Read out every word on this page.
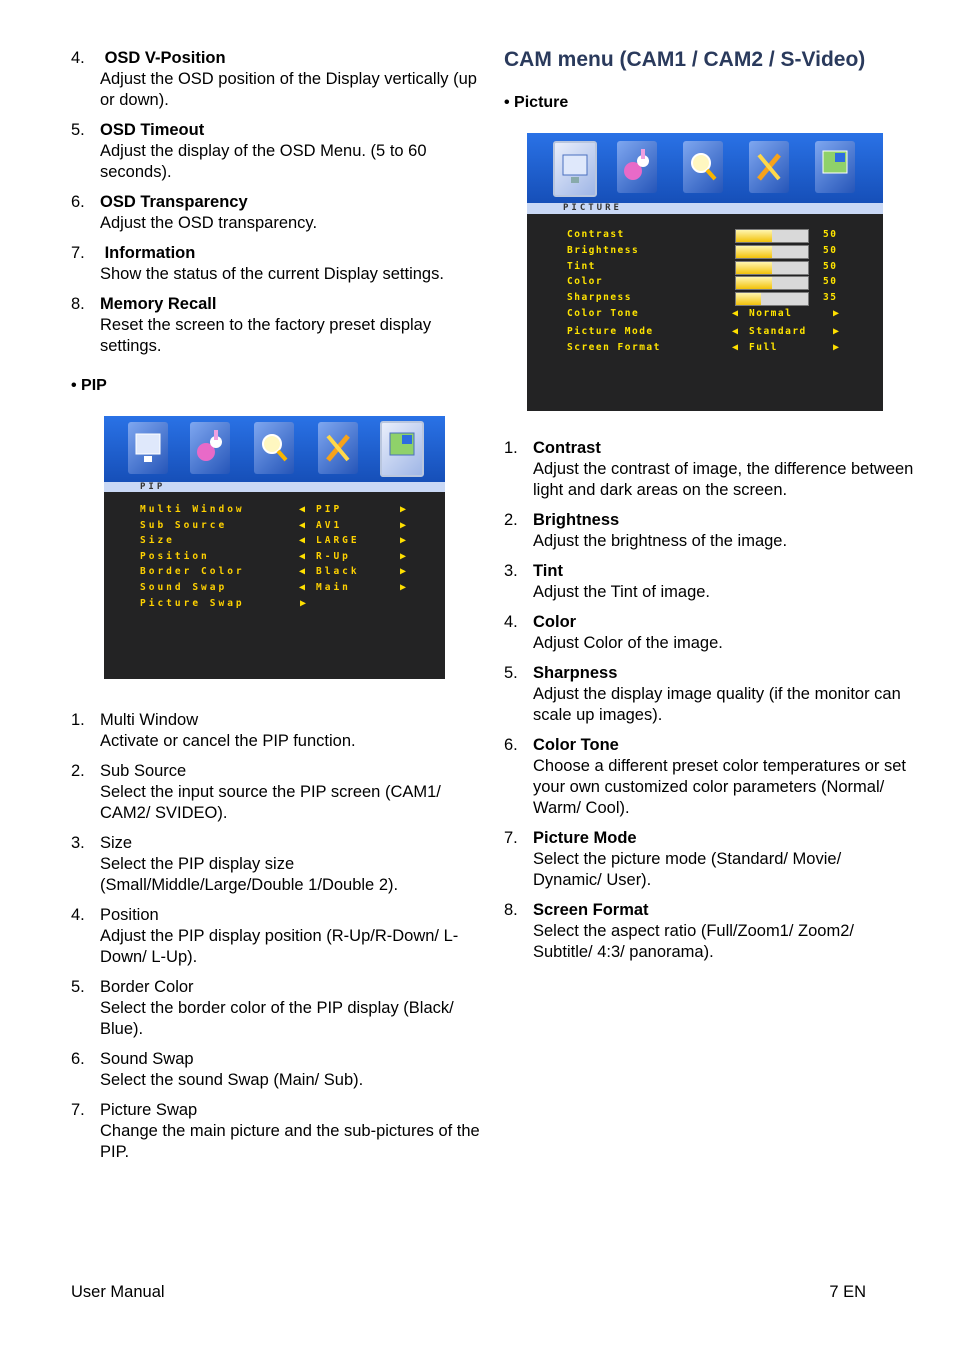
4. OSD V-Position
Adjust the OSD position of the Display vertically (up or down).
5. OSD Timeout
Adjust the display of the OSD Menu. (5 to 60 seconds).
6. OSD Transparency
Adjust the OSD transparency.
7. Information
Show the status of the current Display settings.
8. Memory Recall
Reset the screen to the factory preset display settings.
• PIP
PIP
Multi Window	◀ PIP	▶
Sub Source	◀ AV1	▶
Size	◀ LARGE	▶
Position	◀ R-Up	▶
Border Color	◀ Black	▶
Sound Swap	◀ Main	▶
Picture Swap	▶
1. Multi Window
Activate or cancel the PIP function.
2. Sub Source
Select the input source the PIP screen (CAM1/ CAM2/ SVIDEO).
3. Size
Select the PIP display size (Small/Middle/Large/Double 1/Double 2).
4. Position
Adjust the PIP display position (R-Up/R-Down/ L-Down/ L-Up).
5. Border Color
Select the border color of the PIP display (Black/ Blue).
6. Sound Swap
Select the sound Swap (Main/ Sub).
7. Picture Swap
Change the main picture and the sub-pictures of the PIP.
CAM menu (CAM1 / CAM2 / S-Video)
• Picture
PICTURE
Contrast	50
Brightness	50
Tint	50
Color	50
Sharpness	35
Color Tone	◀ Normal	▶
Picture Mode	◀ Standard	▶
Screen Format	◀ Full	▶
1. Contrast
Adjust the contrast of image, the difference between light and dark areas on the screen.
2. Brightness
Adjust the brightness of the image.
3. Tint
Adjust the Tint of image.
4. Color
Adjust Color of the image.
5. Sharpness
Adjust the display image quality (if the monitor can scale up images).
6. Color Tone
Choose a different preset color temperatures or set your own customized color parameters (Normal/ Warm/ Cool).
7. Picture Mode
Select the picture mode (Standard/ Movie/ Dynamic/ User).
8. Screen Format
Select the aspect ratio (Full/Zoom1/ Zoom2/ Subtitle/ 4:3/ panorama).
User Manual	7 EN
